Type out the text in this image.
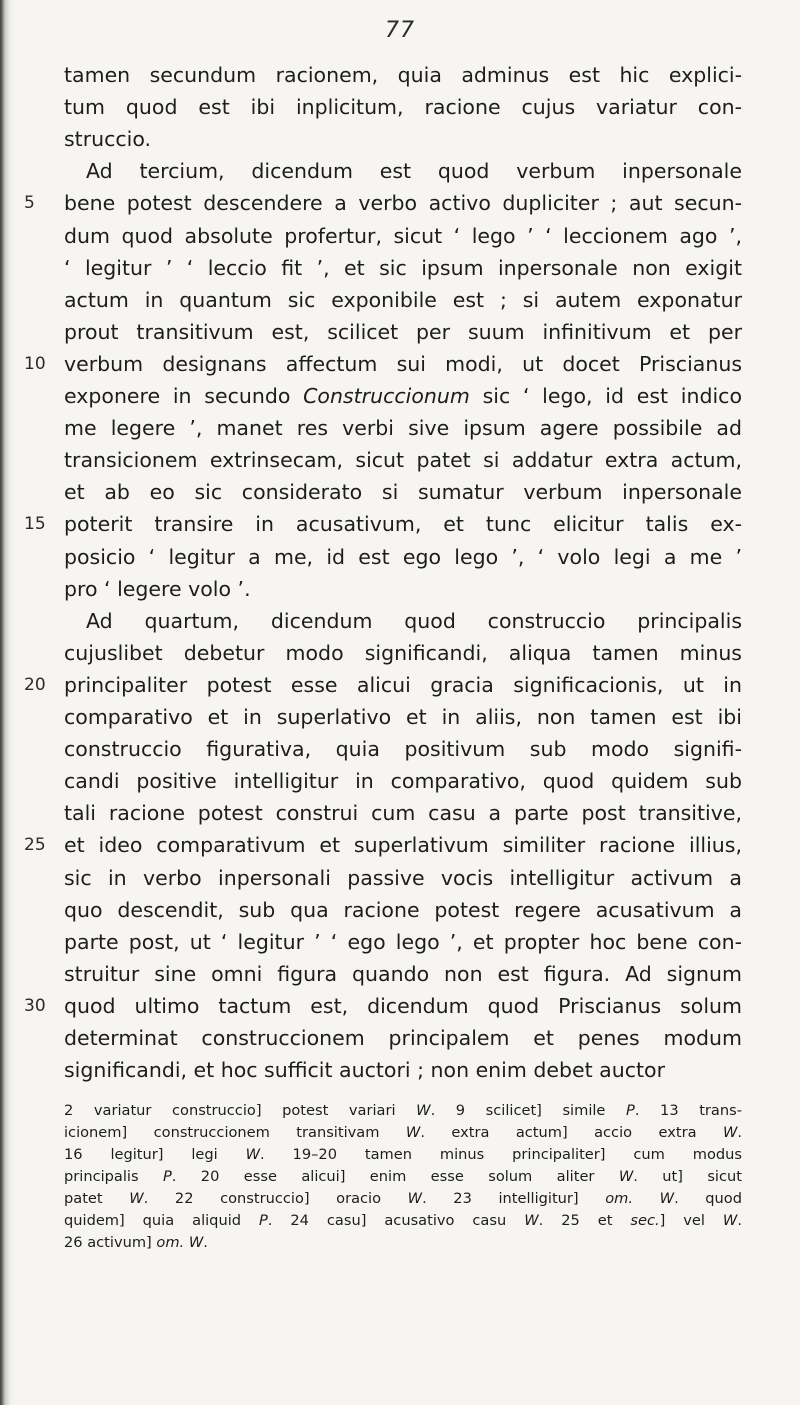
77
tamen secundum racionem, quia adminus est hic explici-
tum quod est ibi inplicitum, racione cujus variatur con-
struccio.
Ad tercium, dicendum est quod verbum inpersonale
5	bene potest descendere a verbo activo dupliciter ; aut secun-
dum quod absolute profertur, sicut ‘ lego ’ ‘ leccionem ago ’,
‘ legitur ’ ‘ leccio fit ’, et sic ipsum inpersonale non exigit
actum in quantum sic exponibile est ; si autem exponatur
prout transitivum est, scilicet per suum infinitivum et per
10 verbum designans affectum sui modi, ut docet Priscianus
exponere in secundo Construccionum sic ‘ lego, id est indico
me legere ’, manet res verbi sive ipsum agere possibile ad
transicionem extrinsecam, sicut patet si addatur extra actum,
et ab eo sic considerato si sumatur verbum inpersonale
15 poterit transire in acusativum, et tunc elicitur talis ex-
posicio ‘ legitur a me, id est ego lego ’, ‘ volo legi a me ’
pro ‘ legere volo ’.
Ad quartum, dicendum quod construccio principalis
cujuslibet debetur modo significandi, aliqua tamen minus
20 principaliter potest esse alicui gracia significacionis, ut in
comparativo et in superlativo et in aliis, non tamen est ibi
construccio figurativa, quia positivum sub modo signifi-
candi positive intelligitur in comparativo, quod quidem sub
tali racione potest construi cum casu a parte post transitive,
25 et ideo comparativum et superlativum similiter racione illius,
sic in verbo inpersonali passive vocis intelligitur activum a
quo descendit, sub qua racione potest regere acusativum a
parte post, ut ‘ legitur ’ ‘ ego lego ’, et propter hoc bene con-
struitur sine omni figura quando non est figura. Ad signum
30 quod ultimo tactum est, dicendum quod Priscianus solum
determinat construccionem principalem et penes modum
significandi, et hoc sufficit auctori ; non enim debet auctor
2 variatur construccio] potest variari W. 9 scilicet] simile P. 13 trans-
icionem] construccionem transitivam W. extra actum] accio extra W.
16 legitur] legi W. 19–20 tamen minus principaliter] cum modus
principalis P. 20 esse alicui] enim esse solum aliter W. ut] sicut
patet W. 22 construccio] oracio W. 23 intelligitur] om. W. quod
quidem] quia aliquid P. 24 casu] acusativo casu W. 25 et sec.] vel W.
26 activum] om. W.
